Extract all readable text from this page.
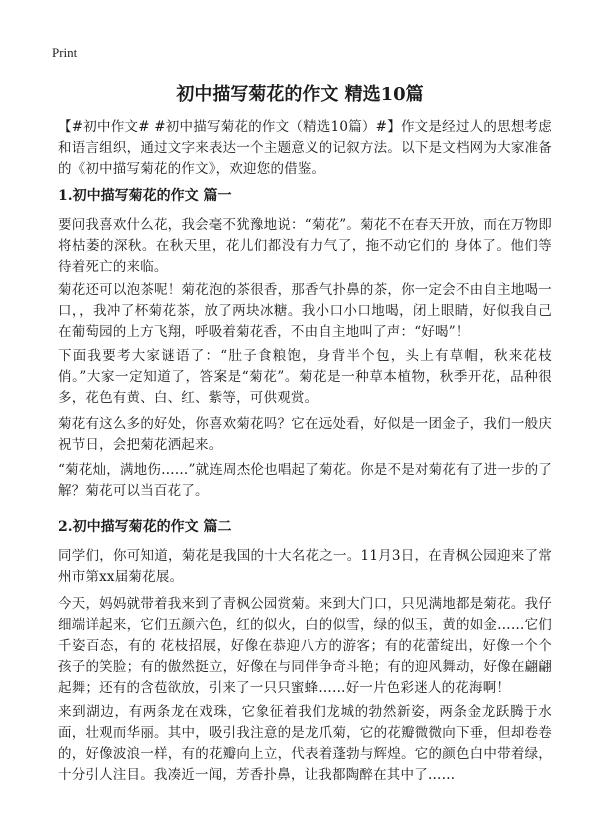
Print
初中描写菊花的作文 精选10篇

【#初中作文# #初中描写菊花的作文（精选10篇）#】作文是经过人的思想考虑和语言组织，通过文字来表达一个主题意义的记叙方法。以下是文档网为大家准备的《初中描写菊花的作文》，欢迎您的借鉴。

1.初中描写菊花的作文 篇一

要问我喜欢什么花，我会毫不犹豫地说：“菊花”。菊花不在春天开放，而在万物即将枯萎的深秋。在秋天里，花儿们都没有力气了，拖不动它们的 身体了。他们等待着死亡的来临。

菊花还可以泡茶呢！菊花泡的茶很香，那香气扑鼻的茶，你一定会不由自主地喝一口，，我冲了杯菊花茶，放了两块冰糖。我小口小口地喝，闭上眼睛，好似我自己在葡萄园的上方飞翔，呼吸着菊花香，不由自主地叫了声：“好喝”！

下面我要考大家谜语了：“肚子食粮饱，身背半个包，头上有草帽，秋来花枝俏。”大家一定知道了，答案是“菊花”。菊花是一种草本植物，秋季开花，品种很多，花色有黄、白、红、紫等，可供观赏。

菊花有这么多的好处，你喜欢菊花吗？它在远处看，好似是一团金子，我们一般庆祝节日，会把菊花洒起来。

“菊花灿，满地伤……”就连周杰伦也唱起了菊花。你是不是对菊花有了进一步的了解？菊花可以当百花了。

2.初中描写菊花的作文 篇二

同学们，你可知道，菊花是我国的十大名花之一。11月3日，在青枫公园迎来了常州市第xx届菊花展。

今天，妈妈就带着我来到了青枫公园赏菊。来到大门口，只见满地都是菊花。我仔细端详起来，它们五颜六色，红的似火，白的似雪，绿的似玉，黄的如金……它们千姿百态，有的 花枝招展，好像在恭迎八方的游客；有的花蕾绽出，好像一个个孩子的笑脸；有的傲然挺立，好像在与同伴争奇斗艳；有的迎风舞动，好像在翩翩起舞；还有的含苞欲放，引来了一只只蜜蜂……好一片色彩迷人的花海啊！

来到湖边，有两条龙在戏珠，它象征着我们龙城的勃然新姿，两条金龙跃腾于水面，壮观而华丽。其中，吸引我注意的是龙爪菊，它的花瓣微微向下垂，但却卷卷的，好像波浪一样，有的花瓣向上立，代表着蓬勃与辉煌。它的颜色白中带着绿，十分引人注目。我凑近一闻，芳香扑鼻，让我都陶醉在其中了……
